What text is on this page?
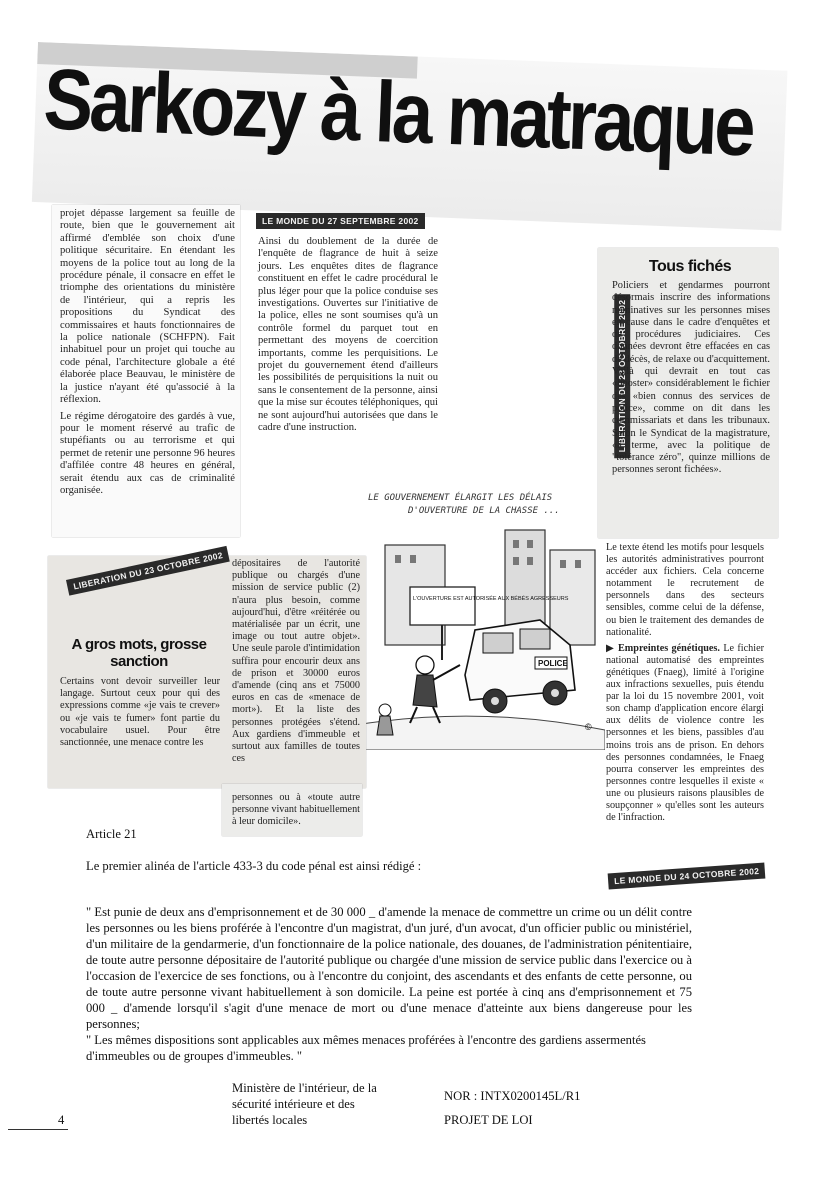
Sarkozy à la matraque

projet dépasse largement sa feuille de route, bien que le gouvernement ait affirmé d'emblée son choix d'une politique sécuritaire. En étendant les moyens de la police tout au long de la procédure pénale, il consacre en effet le triomphe des orientations du ministère de l'intérieur, qui a repris les propositions du Syndicat des commissaires et hauts fonctionnaires de la police nationale (SCHFPN). Fait inhabituel pour un projet qui touche au code pénal, l'architecture globale a été élaborée place Beauvau, le ministère de la justice n'ayant été qu'associé à la réflexion.

Le régime dérogatoire des gardés à vue, pour le moment réservé au trafic de stupéfiants ou au terrorisme et qui permet de retenir une personne 96 heures d'affilée contre 48 heures en général, serait étendu aux cas de criminalité organisée.

LE MONDE DU 27 SEPTEMBRE 2002

Ainsi du doublement de la durée de l'enquête de flagrance de huit à seize jours. Les enquêtes dites de flagrance constituent en effet le cadre procédural le plus léger pour que la police conduise ses investigations. Ouvertes sur l'initiative de la police, elles ne sont soumises qu'à un contrôle formel du parquet tout en permettant des moyens de coercition importants, comme les perquisitions. Le projet du gouvernement étend d'ailleurs les possibilités de perquisitions la nuit ou sans le consentement de la personne, ainsi que la mise sur écoutes téléphoniques, qui ne sont aujourd'hui autorisées que dans le cadre d'une instruction.	LIBERATION DU 23 OCTOBRE 2002
Tous fichés

Policiers et gendarmes pourront désormais inscrire des informations nominatives sur les personnes mises en cause dans le cadre d'enquêtes et de procédures judiciaires. Ces données devront être effacées en cas de décès, de relaxe ou d'acquittement. Voilà qui devrait en tout cas «booster» considérablement le fichier des «bien connus des services de police», comme on dit dans les commissariats et dans les tribunaux. Selon le Syndicat de la magistrature, «à terme, avec la politique de "tolérance zéro", quinze millions de personnes seront fichées».

LE GOUVERNEMENT ÉLARGIT LES DÉLAIS
D'OUVERTURE DE LA CHASSE ...
L'OUVERTURE EST AUTORISÉE AUX BÉBÉS AGRESSEURS
POLICE
©

Le texte étend les motifs pour lesquels les autorités administratives pourront accéder aux fichiers. Cela concerne notamment le recrutement de personnels dans des secteurs sensibles, comme celui de la défense, ou bien le traitement des demandes de nationalité.

▶ Empreintes génétiques. Le fichier national automatisé des empreintes génétiques (Fnaeg), limité à l'origine aux infractions sexuelles, puis étendu par la loi du 15 novembre 2001, voit son champ d'application encore élargi aux délits de violence contre les personnes et les biens, passibles d'au moins trois ans de prison. En dehors des personnes condamnées, le Fnaeg pourra conserver les empreintes des personnes contre lesquelles il existe « une ou plusieurs raisons plausibles de soupçonner » qu'elles sont les auteurs de l'infraction.

LE MONDE DU 24 OCTOBRE 2002
LIBERATION DU 23 OCTOBRE 2002
A gros mots, grosse sanction

Certains vont devoir surveiller leur langage. Surtout ceux pour qui des expressions comme «je vais te crever» ou «je vais te fumer» font partie du vocabulaire usuel. Pour être sanctionnée, une menace contre les

dépositaires de l'autorité publique ou chargés d'une mission de service public (2) n'aura plus besoin, comme aujourd'hui, d'être «réitérée ou matérialisée par un écrit, une image ou tout autre objet». Une seule parole d'intimidation suffira pour encourir deux ans de prison et 30000 euros d'amende (cinq ans et 75000 euros en cas de «menace de mort»). Et la liste des personnes protégées s'étend. Aux gardiens d'immeuble et surtout aux familles de toutes ces

personnes ou à «toute autre personne vivant habituellement à leur domicile».

Article 21
Le premier alinéa de l'article 433-3 du code pénal est ainsi rédigé :
" Est punie de deux ans d'emprisonnement et de 30 000 _ d'amende la menace de commettre un crime ou un délit contre les personnes ou les biens proférée à l'encontre d'un magistrat, d'un juré, d'un avocat, d'un officier public ou ministériel, d'un militaire de la gendarmerie, d'un fonctionnaire de la police nationale, des douanes, de l'administration pénitentiaire, de toute autre personne dépositaire de l'autorité publique ou chargée d'une mission de service public dans l'exercice ou à l'occasion de l'exercice de ses fonctions, ou à l'encontre du conjoint, des ascendants et des enfants de cette personne, ou de toute autre personne vivant habituellement à son domicile. La peine est portée à cinq ans d'emprisonnement et 75 000 _ d'amende lorsqu'il s'agit d'une menace de mort ou d'une menace d'atteinte aux biens dangereuse pour les personnes;
" Les mêmes dispositions sont applicables aux mêmes menaces proférées à l'encontre des gardiens assermentés d'immeubles ou de groupes d'immeubles. "
Ministère de l'intérieur, de la
sécurité intérieure et des
libertés locales
NOR : INTX0200145L/R1
PROJET DE LOI
4
